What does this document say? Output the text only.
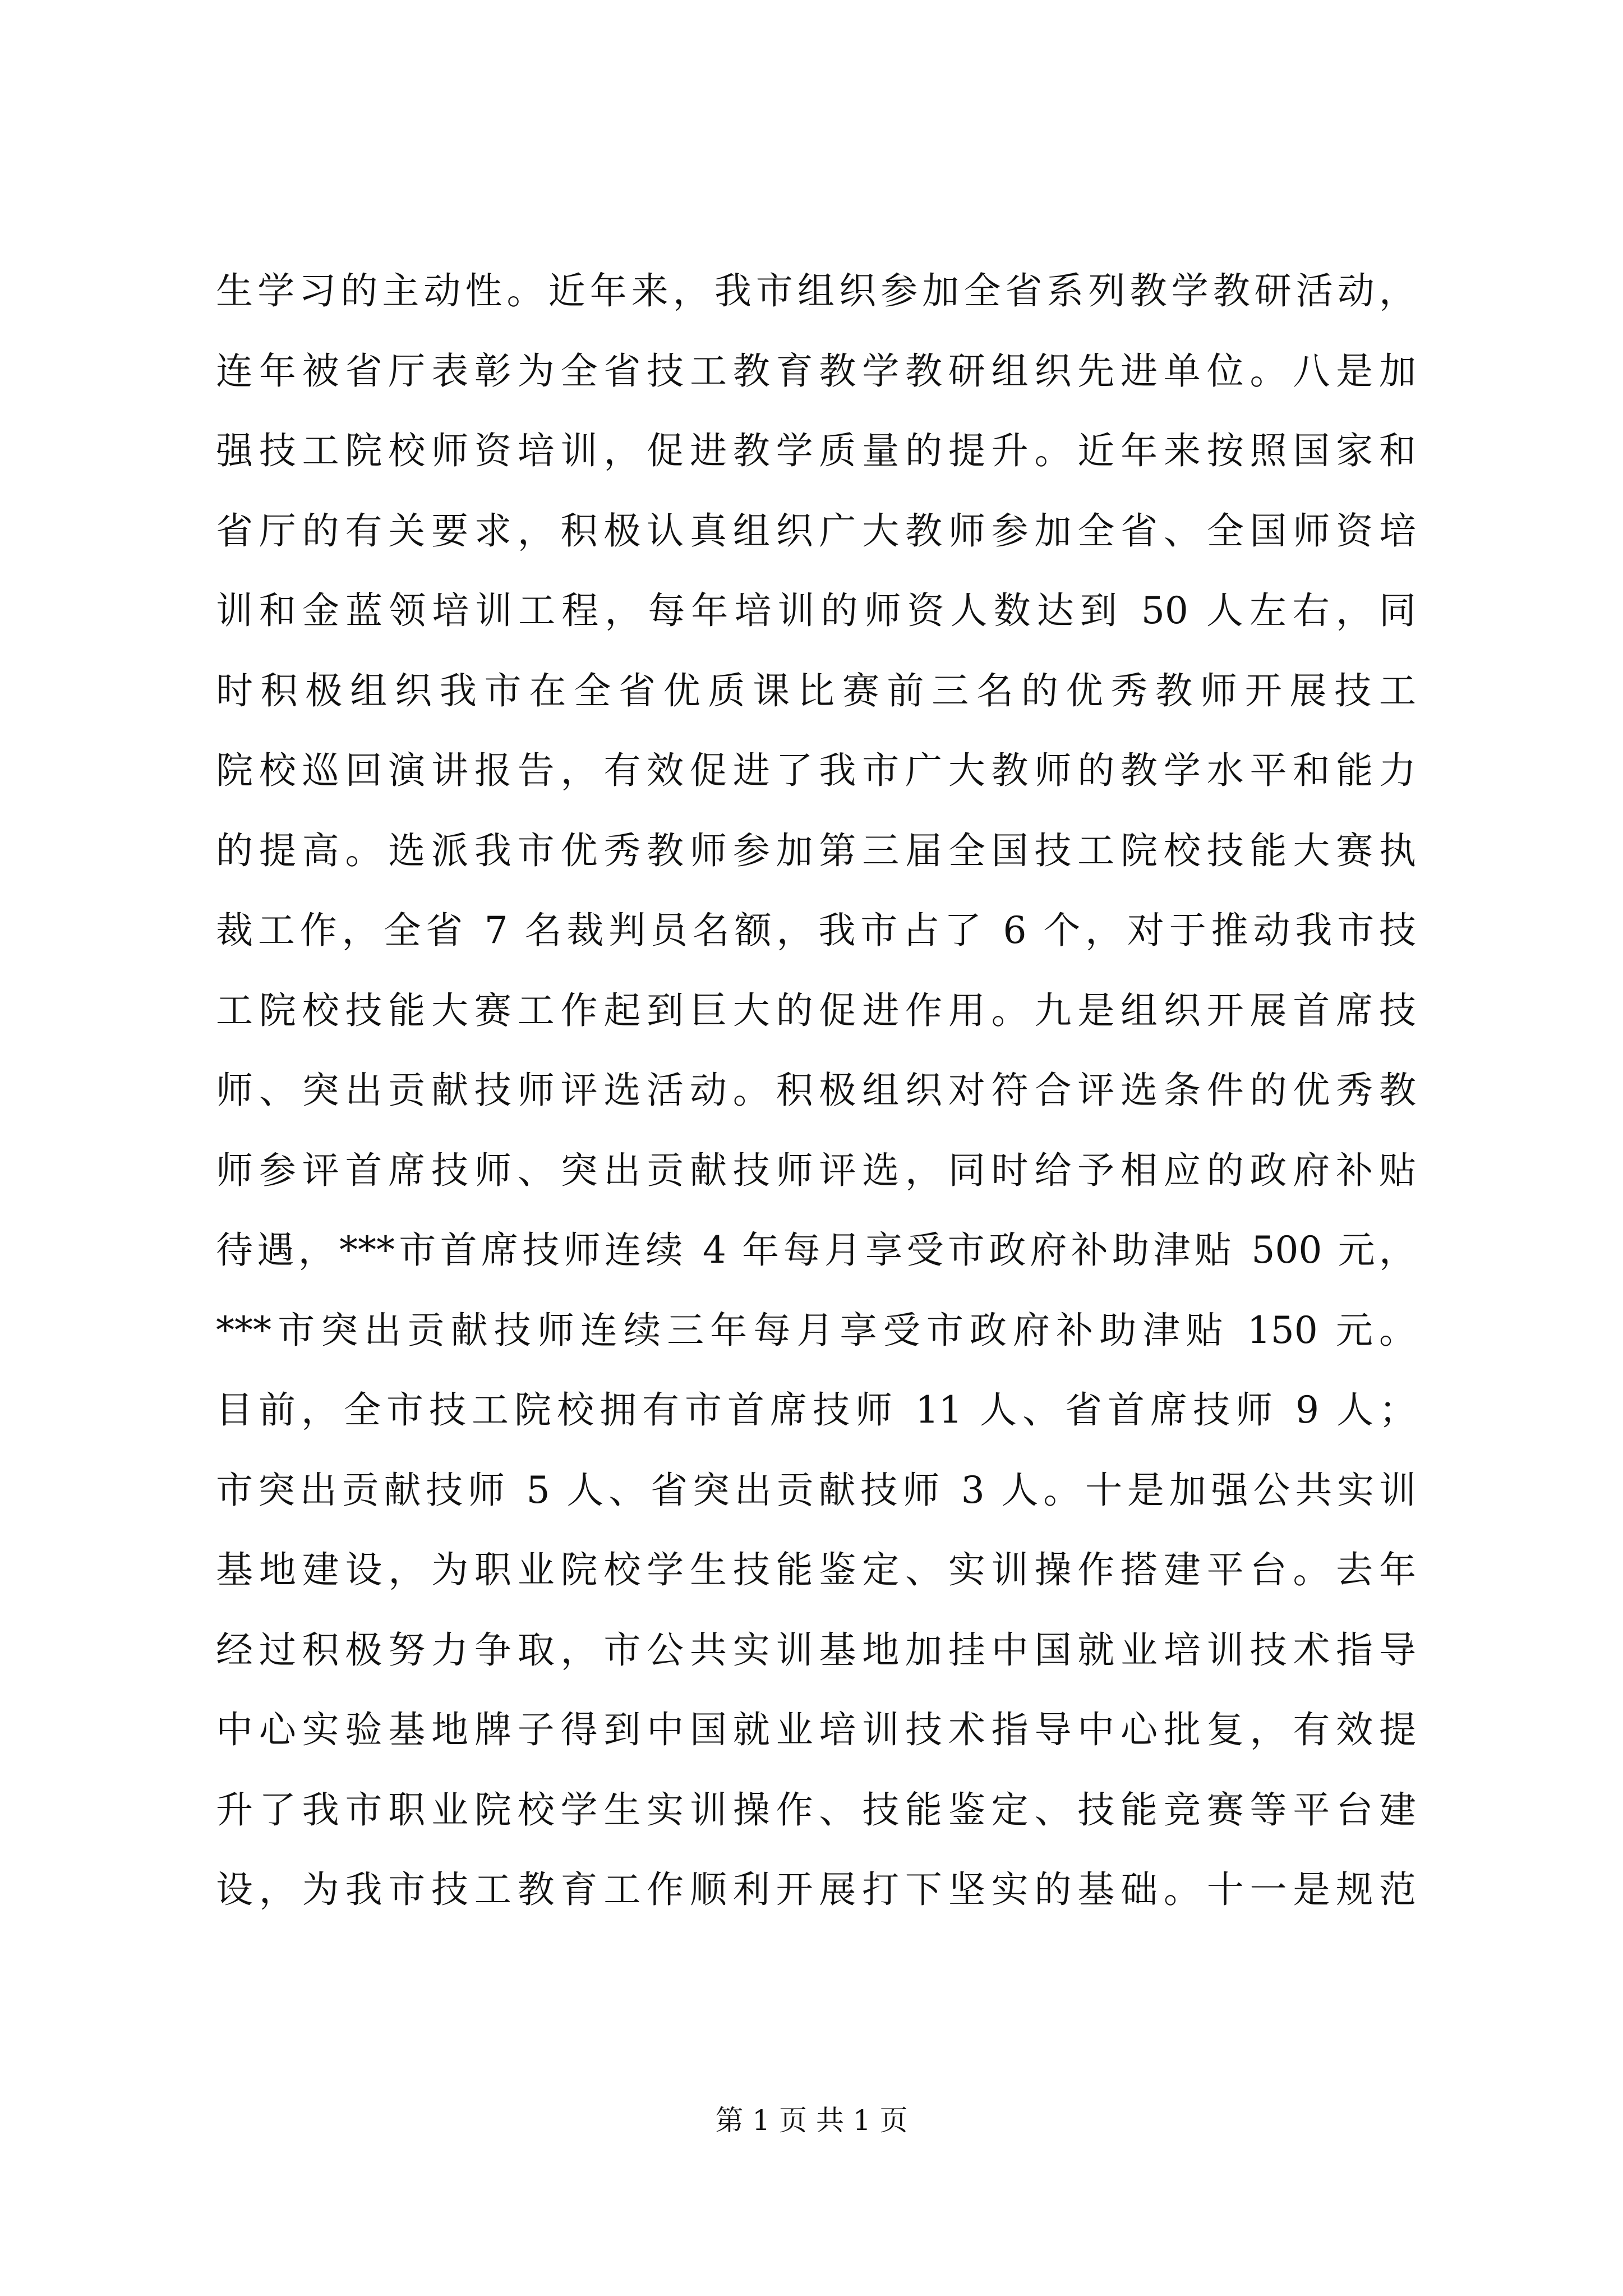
生学习的主动性。近年来，我市组织参加全省系列教学教研活动，
连年被省厅表彰为全省技工教育教学教研组织先进单位。八是加
强技工院校师资培训，促进教学质量的提升。近年来按照国家和
省厅的有关要求，积极认真组织广大教师参加全省、全国师资培
训和金蓝领培训工程，每年培训的师资人数达到 50 人左右，同
时积极组织我市在全省优质课比赛前三名的优秀教师开展技工
院校巡回演讲报告，有效促进了我市广大教师的教学水平和能力
的提高。选派我市优秀教师参加第三届全国技工院校技能大赛执
裁工作，全省 7 名裁判员名额，我市占了 6 个，对于推动我市技
工院校技能大赛工作起到巨大的促进作用。九是组织开展首席技
师、突出贡献技师评选活动。积极组织对符合评选条件的优秀教
师参评首席技师、突出贡献技师评选，同时给予相应的政府补贴
待遇，***市首席技师连续 4 年每月享受市政府补助津贴 500 元，
***市突出贡献技师连续三年每月享受市政府补助津贴 150 元。
目前，全市技工院校拥有市首席技师 11 人、省首席技师 9 人；
市突出贡献技师 5 人、省突出贡献技师 3 人。十是加强公共实训
基地建设，为职业院校学生技能鉴定、实训操作搭建平台。去年
经过积极努力争取，市公共实训基地加挂中国就业培训技术指导
中心实验基地牌子得到中国就业培训技术指导中心批复，有效提
升了我市职业院校学生实训操作、技能鉴定、技能竞赛等平台建
设，为我市技工教育工作顺利开展打下坚实的基础。十一是规范
第 1 页 共 1 页
